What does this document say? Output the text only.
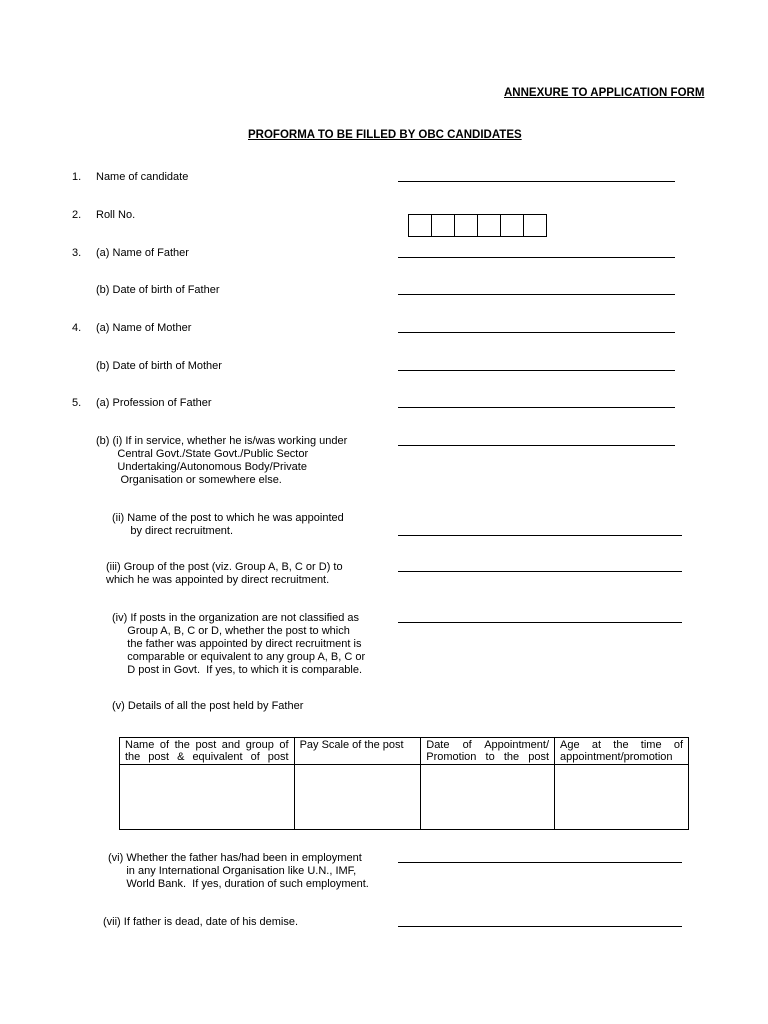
ANNEXURE TO APPLICATION FORM
PROFORMA TO BE FILLED BY OBC CANDIDATES
1. Name of candidate
2. Roll No.
3. (a) Name of Father
(b) Date of birth of Father
4. (a) Name of Mother
(b) Date of birth of Mother
5. (a) Profession of Father
(b) (i) If in service, whether he is/was working under
Central Govt./State Govt./Public Sector
Undertaking/Autonomous Body/Private
Organisation or somewhere else.
(ii) Name of the post to which he was appointed
by direct recruitment.
(iii) Group of the post (viz. Group A, B, C or D) to
which he was appointed by direct recruitment.
(iv) If posts in the organization are not classified as
Group A, B, C or D, whether the post to which
the father was appointed by direct recruitment is
comparable or equivalent to any group A, B, C or
D post in Govt.  If yes, to which it is comparable.
(v) Details of all the post held by Father
Name of the post and group of the post & equivalent of post	Pay Scale of the post	Date of Appointment/ Promotion to the post	Age at the time of appointment/promotion

(vi) Whether the father has/had been in employment
in any International Organisation like U.N., IMF,
World Bank.  If yes, duration of such employment.
(vii) If father is dead, date of his demise.
